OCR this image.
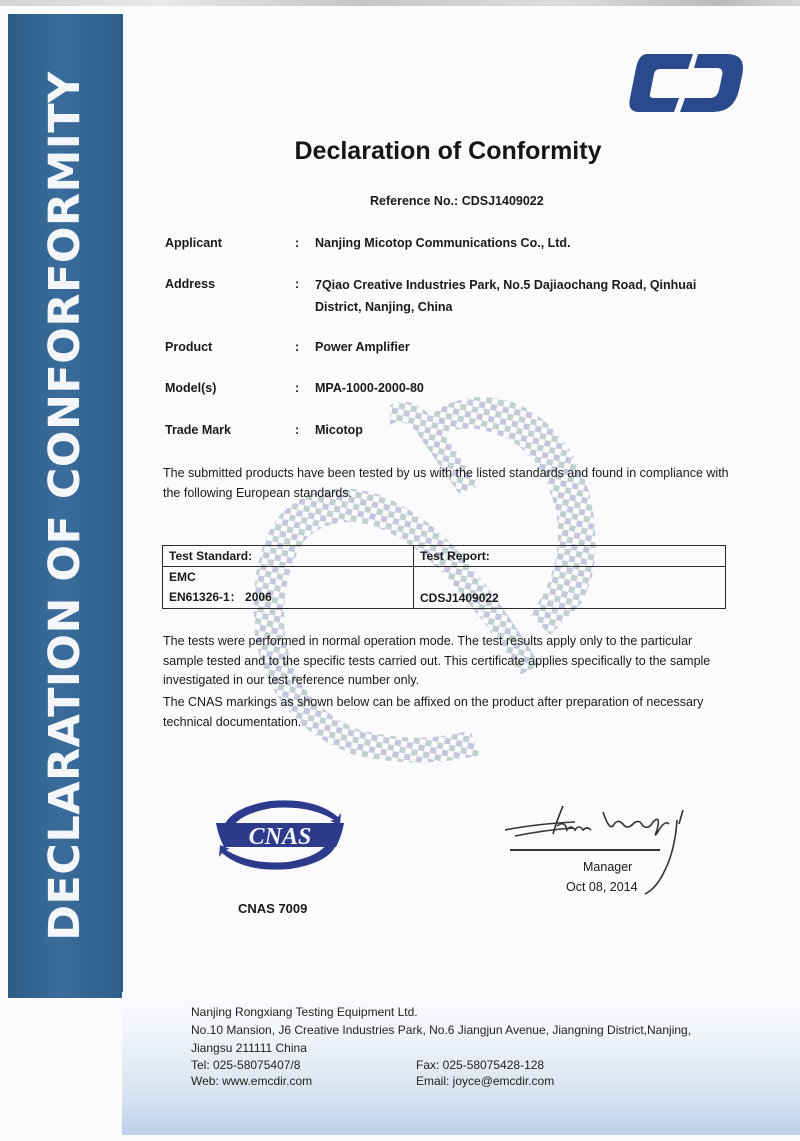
DECLARATION OF CONFORFORMITY	Declaration of Conformity
Reference No.: CDSJ1409022
Applicant	: Nanjing Micotop Communications Co., Ltd.
Address	: 7Qiao Creative Industries Park, No.5 Dajiaochang Road, Qinhuai District, Nanjing, China
Product	: Power Amplifier
Model(s)	: MPA-1000-2000-80
Trade Mark	: Micotop
The submitted products have been tested by us with the listed standards and found in compliance with the following European standards.
Test Standard:	Test Report:

EMC
EN61326-1： 2006	CDSJ1409022
The tests were performed in normal operation mode. The test results apply only to the particular sample tested and to the specific tests carried out. This certificate applies specifically to the sample investigated in our test reference number only.
The CNAS markings as shown below can be affixed on the product after preparation of necessary technical documentation.
CNAS
CNAS 7009
Manager
Oct 08, 2014
Nanjing Rongxiang Testing Equipment Ltd.
No.10 Mansion, J6 Creative Industries Park, No.6 Jiangjun Avenue, Jiangning District,Nanjing,
Jiangsu 211111 China
Tel: 025-58075407/8	Fax: 025-58075428-128
Web: www.emcdir.com	Email: joyce@emcdir.com
